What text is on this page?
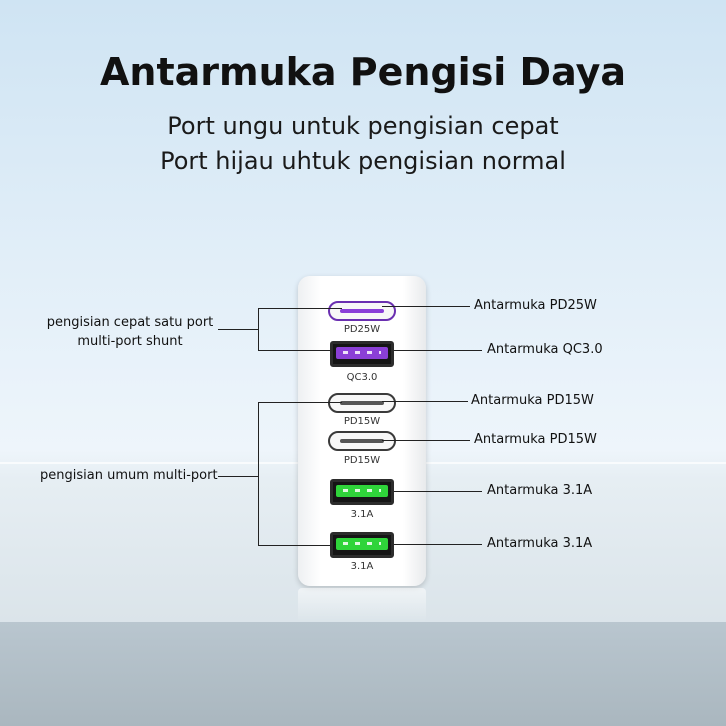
Antarmuka Pengisi Daya
Port ungu untuk pengisian cepat
Port hijau uhtuk pengisian normal
PD25W
QC3.0
PD15W
PD15W
3.1A
3.1A
Antarmuka PD25W
Antarmuka QC3.0
Antarmuka PD15W
Antarmuka PD15W
Antarmuka 3.1A
Antarmuka 3.1A
pengisian cepat satu port
multi-port shunt
pengisian umum multi-port
